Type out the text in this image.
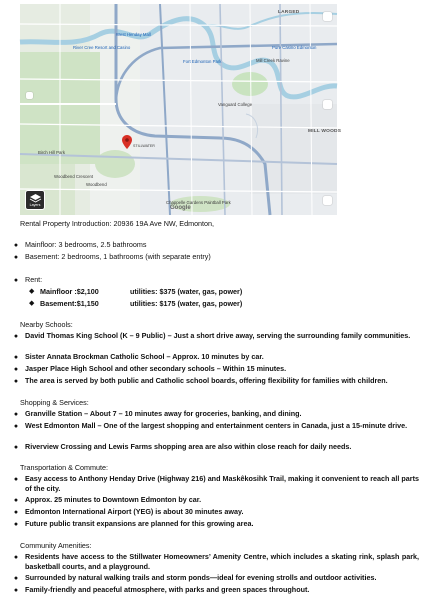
West Henday Mall
River Cree Resort and Casino
LARGED
Fort Edmonton Park
Pure Casino Edmonton
Mill Creek Ravine
Vanguard College
MILL WOODS
Birch Hill Park
STILLWATER
Woodbend Crescent
Woodbend
Chappelle Gardens Paintball Park
Layers	Google
Rental Property Introduction: 20936 19A Ave NW, Edmonton,
● Mainfloor: 3 bedrooms, 2.5 bathrooms
● Basement: 2 bedrooms, 1 bathrooms (with separate entry)
● Rent:
◆ Mainfloor :$2,100	utilities: $375 (water, gas, power)
◆ Basement:$1,150	utilities: $175 (water, gas, power)
Nearby Schools:
● David Thomas King School (K – 9 Public) – Just a short drive away, serving the surrounding family communities.
● Sister Annata Brockman Catholic School – Approx. 10 minutes by car.
● Jasper Place High School and other secondary schools – Within 15 minutes.
● The area is served by both public and Catholic school boards, offering flexibility for families with children.
Shopping & Services:
● Granville Station – About 7 – 10 minutes away for groceries, banking, and dining.
● West Edmonton Mall – One of the largest shopping and entertainment centers in Canada, just a 15-minute drive.
● Riverview Crossing and Lewis Farms shopping area are also within close reach for daily needs.
Transportation & Commute:
● Easy access to Anthony Henday Drive (Highway 216) and Maskêkosihk Trail, making it convenient to reach all parts of the city.
● Approx. 25 minutes to Downtown Edmonton by car.
● Edmonton International Airport (YEG) is about 30 minutes away.
● Future public transit expansions are planned for this growing area.
Community Amenities:
● Residents have access to the Stillwater Homeowners’ Amenity Centre, which includes a skating rink, splash park, basketball courts, and a playground.
● Surrounded by natural walking trails and storm ponds—ideal for evening strolls and outdoor activities.
● Family-friendly and peaceful atmosphere, with parks and green spaces throughout.
